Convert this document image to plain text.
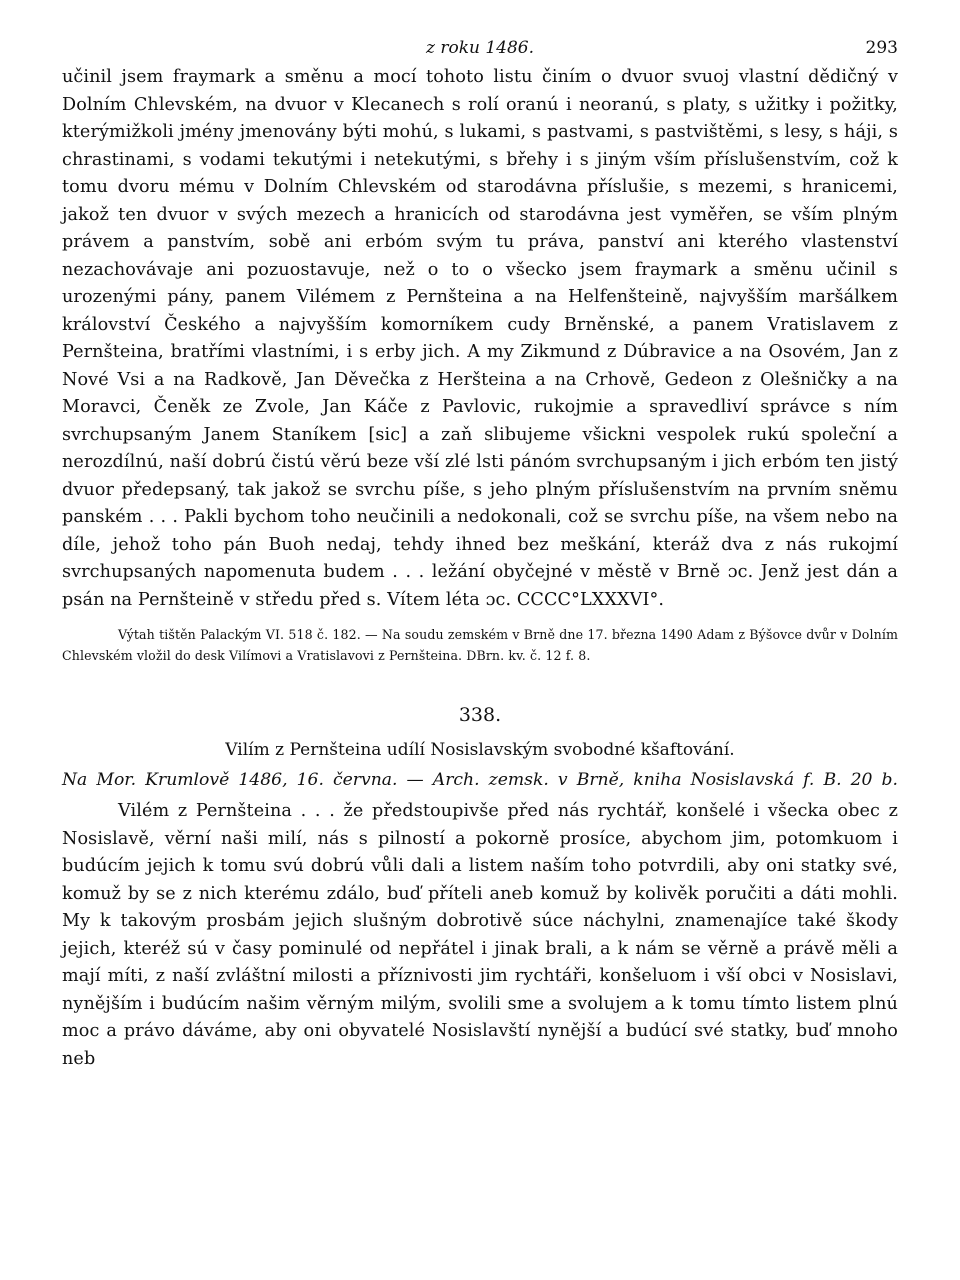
z roku 1486.	293

učinil jsem fraymark a směnu a mocí tohoto listu činím o dvuor svuoj vlastní dědičný v Dolním Chlevském, na dvuor v Klecanech s rolí oranú i neoranú, s platy, s užitky i požitky, kterýmižkoli jmény jmenovány býti mohú, s lukami, s pastvami, s pastvištěmi, s lesy, s háji, s chrastinami, s vodami tekutými i netekutými, s břehy i s jiným vším příslušenstvím, což k tomu dvoru mému v Dolním Chlevském od starodávna příslušie, s mezemi, s hranicemi, jakož ten dvuor v svých mezech a hranicích od starodávna jest vyměřen, se vším plným právem a panstvím, sobě ani erbóm svým tu práva, panství ani kterého vlastenství nezachovávaje ani pozuostavuje, než o to o všecko jsem fraymark a směnu učinil s urozenými pány, panem Vilémem z Pernšteina a na Helfenšteině, najvyšším maršálkem království Českého a najvyšším komorníkem cudy Brněnské, a panem Vratislavem z Pernšteina, bratřími vlastními, i s erby jich. A my Zikmund z Dúbravice a na Osovém, Jan z Nové Vsi a na Radkově, Jan Děvečka z Heršteina a na Crhově, Gedeon z Olešničky a na Moravci, Čeněk ze Zvole, Jan Káče z Pavlovic, rukojmie a spravedliví správce s ním svrchupsaným Janem Staníkem [sic] a zaň slibujeme všickni vespolek rukú společní a nerozdílnú, naší dobrú čistú věrú beze vší zlé lsti pánóm svrchupsaným i jich erbóm ten jistý dvuor předepsaný, tak jakož se svrchu píše, s jeho plným příslušenstvím na prvním sněmu panském . . . Pakli bychom toho neučinili a nedokonali, což se svrchu píše, na všem nebo na díle, jehož toho pán Buoh nedaj, tehdy ihned bez meškání, kteráž dva z nás rukojmí svrchupsaných napomenuta budem . . . ležání obyčejné v městě v Brně ɔc. Jenž jest dán a psán na Pernšteině v středu před s. Vítem léta ɔc. CCCC°LXXXVI°.

Výtah tištěn Palackým VI. 518 č. 182. — Na soudu zemském v Brně dne 17. března 1490 Adam z Býšovce dvůr v Dolním Chlevském vložil do desk Vilímovi a Vratislavovi z Pernšteina. DBrn. kv. č. 12 f. 8.
338.
Vilím z Pernšteina udílí Nosislavským svobodné kšaftování.
Na Mor. Krumlově 1486, 16. června. — Arch. zemsk. v Brně, kniha Nosislavská f. B. 20 b.

Vilém z Pernšteina . . . že předstoupivše před nás rychtář, konšelé i všecka obec z Nosislavě, věrní naši milí, nás s pilností a pokorně prosíce, abychom jim, potomkuom i budúcím jejich k tomu svú dobrú vůli dali a listem naším toho potvrdili, aby oni statky své, komuž by se z nich kterému zdálo, buď příteli aneb komuž by kolivěk poručiti a dáti mohli. My k takovým prosbám jejich slušným dobrotivě súce náchylni, znamenajíce také škody jejich, kteréž sú v časy pominulé od nepřátel i jinak brali, a k nám se věrně a právě měli a mají míti, z naší zvláštní milosti a příznivosti jim rychtáři, konšeluom i vší obci v Nosislavi, nynějším i budúcím našim věrným milým, svolili sme a svolujem a k tomu tímto listem plnú moc a právo dáváme, aby oni obyvatelé Nosislavští nynější a budúcí své statky, buď mnoho neb
